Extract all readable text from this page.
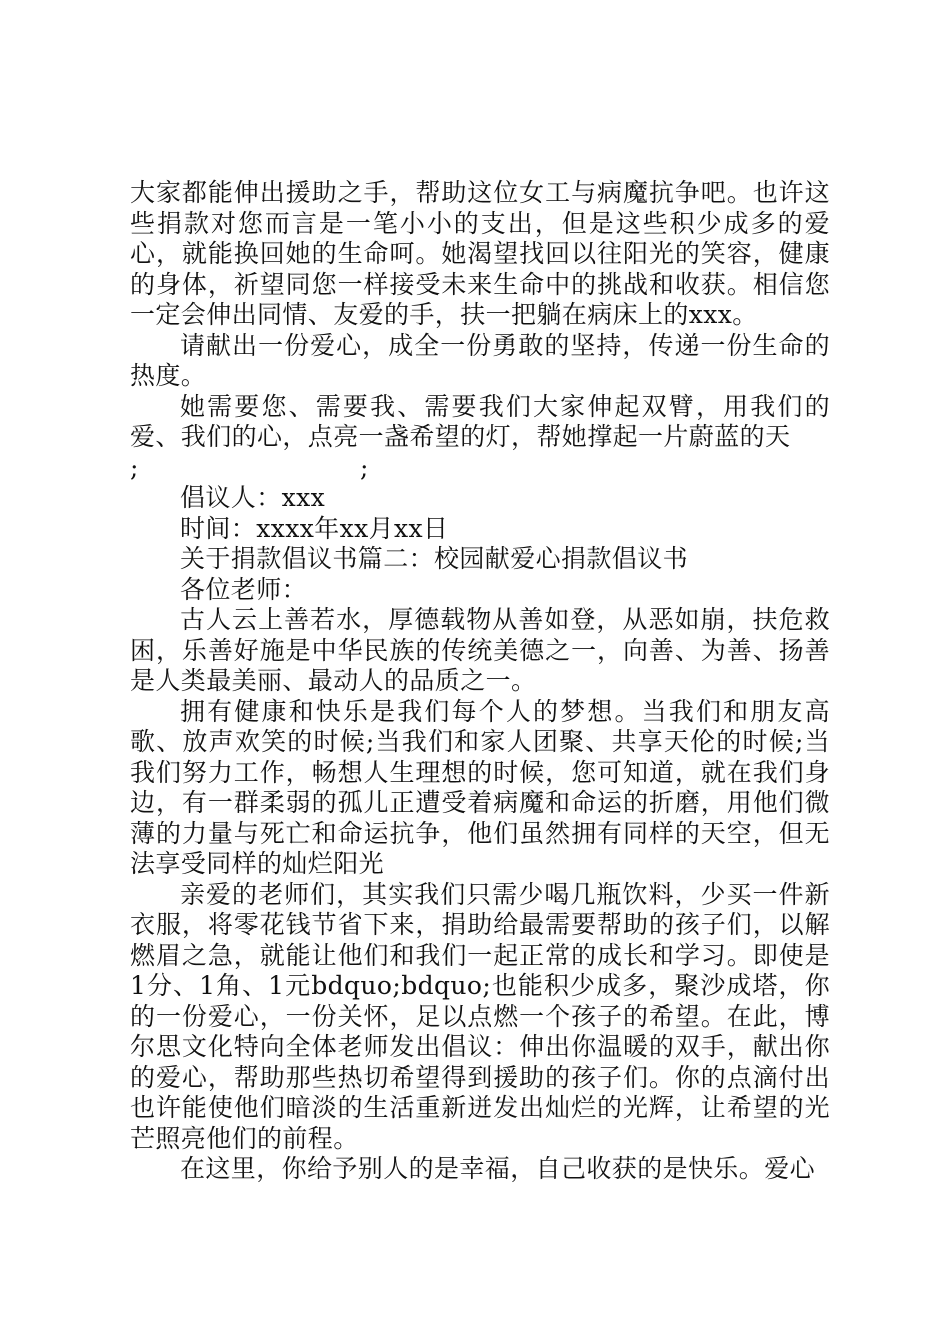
大家都能伸出援助之手，帮助这位女工与病魔抗争吧。也许这些捐款对您而言是一笔小小的支出，但是这些积少成多的爱心，就能换回她的生命呵。她渴望找回以往阳光的笑容，健康的身体，祈望同您一样接受未来生命中的挑战和收获。相信您一定会伸出同情、友爱的手，扶一把躺在病床上的xxx。

请献出一份爱心，成全一份勇敢的坚持，传递一份生命的热度。

她需要您、需要我、需要我们大家伸起双臂，用我们的爱、我们的心，点亮一盏希望的灯，帮她撑起一片蔚蓝的天

;	;

倡议人：xxx

时间：xxxx年xx月xx日

关于捐款倡议书篇二：校园献爱心捐款倡议书

各位老师：

古人云上善若水，厚德载物从善如登，从恶如崩，扶危救困，乐善好施是中华民族的传统美德之一，向善、为善、扬善是人类最美丽、最动人的品质之一。

拥有健康和快乐是我们每个人的梦想。当我们和朋友高歌、放声欢笑的时候;当我们和家人团聚、共享天伦的时候;当我们努力工作，畅想人生理想的时候，您可知道，就在我们身边，有一群柔弱的孤儿正遭受着病魔和命运的折磨，用他们微薄的力量与死亡和命运抗争，他们虽然拥有同样的天空，但无法享受同样的灿烂阳光

亲爱的老师们，其实我们只需少喝几瓶饮料，少买一件新衣服，将零花钱节省下来，捐助给最需要帮助的孩子们，以解燃眉之急，就能让他们和我们一起正常的成长和学习。即使是1分、1角、1元bdquo;bdquo;也能积少成多，聚沙成塔，你的一份爱心，一份关怀，足以点燃一个孩子的希望。在此，博尔思文化特向全体老师发出倡议：伸出你温暖的双手，献出你的爱心，帮助那些热切希望得到援助的孩子们。你的点滴付出也许能使他们暗淡的生活重新迸发出灿烂的光辉，让希望的光芒照亮他们的前程。

在这里，你给予别人的是幸福，自己收获的是快乐。爱心
